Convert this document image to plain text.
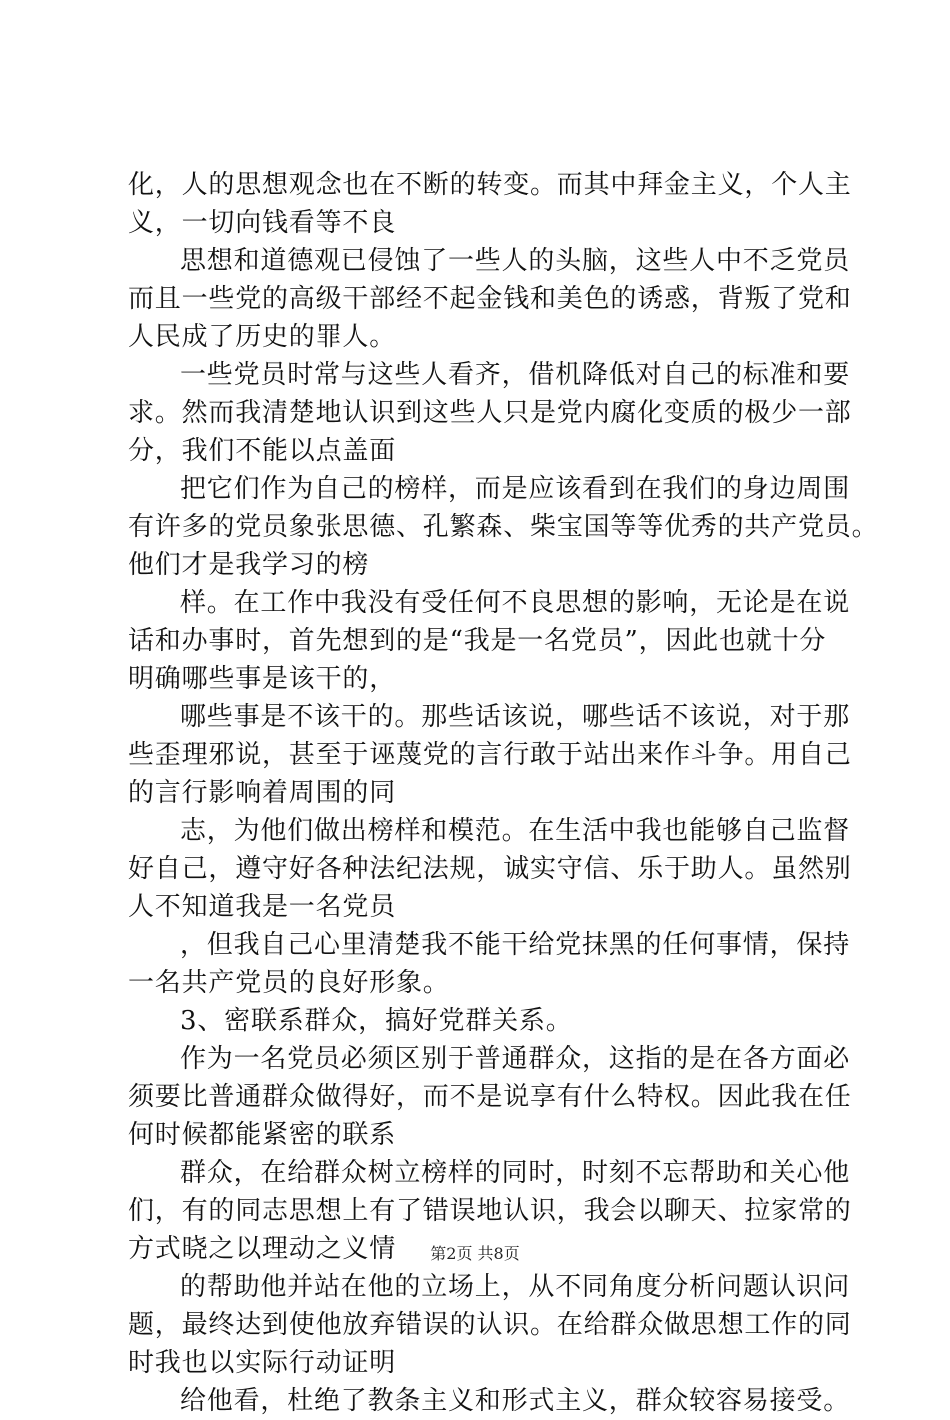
化，人的思想观念也在不断的转变。而其中拜金主义，个人主
义，一切向钱看等不良
思想和道德观已侵蚀了一些人的头脑，这些人中不乏党员
而且一些党的高级干部经不起金钱和美色的诱惑，背叛了党和
人民成了历史的罪人。
一些党员时常与这些人看齐，借机降低对自己的标准和要
求。然而我清楚地认识到这些人只是党内腐化变质的极少一部
分，我们不能以点盖面
把它们作为自己的榜样，而是应该看到在我们的身边周围
有许多的党员象张思德、孔繁森、柴宝国等等优秀的共产党员。
他们才是我学习的榜
样。在工作中我没有受任何不良思想的影响，无论是在说
话和办事时，首先想到的是“我是一名党员”，因此也就十分
明确哪些事是该干的，
哪些事是不该干的。那些话该说，哪些话不该说，对于那
些歪理邪说，甚至于诬蔑党的言行敢于站出来作斗争。用自己
的言行影响着周围的同
志，为他们做出榜样和模范。在生活中我也能够自己监督
好自己，遵守好各种法纪法规，诚实守信、乐于助人。虽然别
人不知道我是一名党员
，但我自己心里清楚我不能干给党抹黑的任何事情，保持
一名共产党员的良好形象。
3、密联系群众，搞好党群关系。
作为一名党员必须区别于普通群众，这指的是在各方面必
须要比普通群众做得好，而不是说享有什么特权。因此我在任
何时候都能紧密的联系
群众，在给群众树立榜样的同时，时刻不忘帮助和关心他
们，有的同志思想上有了错误地认识，我会以聊天、拉家常的
方式晓之以理动之义情
的帮助他并站在他的立场上，从不同角度分析问题认识问
题，最终达到使他放弃错误的认识。在给群众做思想工作的同
时我也以实际行动证明
给他看，杜绝了教条主义和形式主义，群众较容易接受。
第2页 共8页
